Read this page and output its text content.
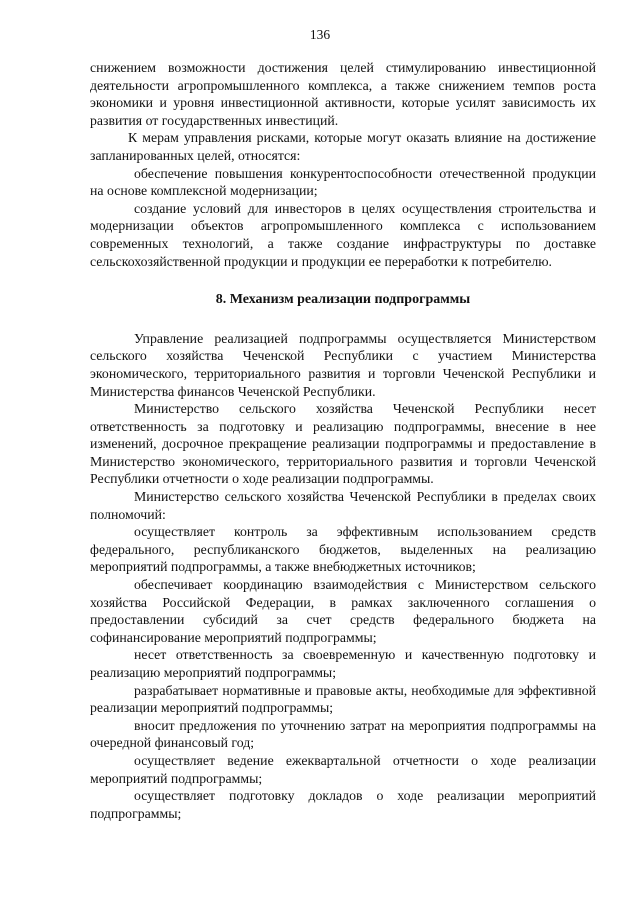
136

снижением возможности достижения целей стимулированию инвестиционной деятельности агропромышленного комплекса, а также снижением темпов роста экономики и уровня инвестиционной активности, которые усилят зависимость их развития от государственных инвестиций.

К мерам управления рисками, которые могут оказать влияние на достижение запланированных целей, относятся:

обеспечение повышения конкурентоспособности отечественной продукции на основе комплексной модернизации;

создание условий для инвесторов в целях осуществления строительства и модернизации объектов агропромышленного комплекса с использованием современных технологий, а также создание инфраструктуры по доставке сельскохозяйственной продукции и продукции ее переработки к потребителю.

8. Механизм реализации подпрограммы

Управление реализацией подпрограммы осуществляется Министерством сельского хозяйства Чеченской Республики с участием Министерства экономического, территориального развития и торговли Чеченской Республики и Министерства финансов Чеченской Республики.

Министерство сельского хозяйства Чеченской Республики несет ответственность за подготовку и реализацию подпрограммы, внесение в нее изменений, досрочное прекращение реализации подпрограммы и предоставление в Министерство экономического, территориального развития и торговли Чеченской Республики отчетности о ходе реализации подпрограммы.

Министерство сельского хозяйства Чеченской Республики в пределах своих полномочий:

осуществляет контроль за эффективным использованием средств федерального, республиканского бюджетов, выделенных на реализацию мероприятий подпрограммы, а также внебюджетных источников;

обеспечивает координацию взаимодействия с Министерством сельского хозяйства Российской Федерации, в рамках заключенного соглашения о предоставлении субсидий за счет средств федерального бюджета на софинансирование мероприятий подпрограммы;

несет ответственность за своевременную и качественную подготовку и реализацию мероприятий подпрограммы;

разрабатывает нормативные и правовые акты, необходимые для эффективной реализации мероприятий подпрограммы;

вносит предложения по уточнению затрат на мероприятия подпрограммы на очередной финансовый год;

осуществляет ведение ежеквартальной отчетности о ходе реализации мероприятий подпрограммы;

осуществляет подготовку докладов о ходе реализации мероприятий подпрограммы;
